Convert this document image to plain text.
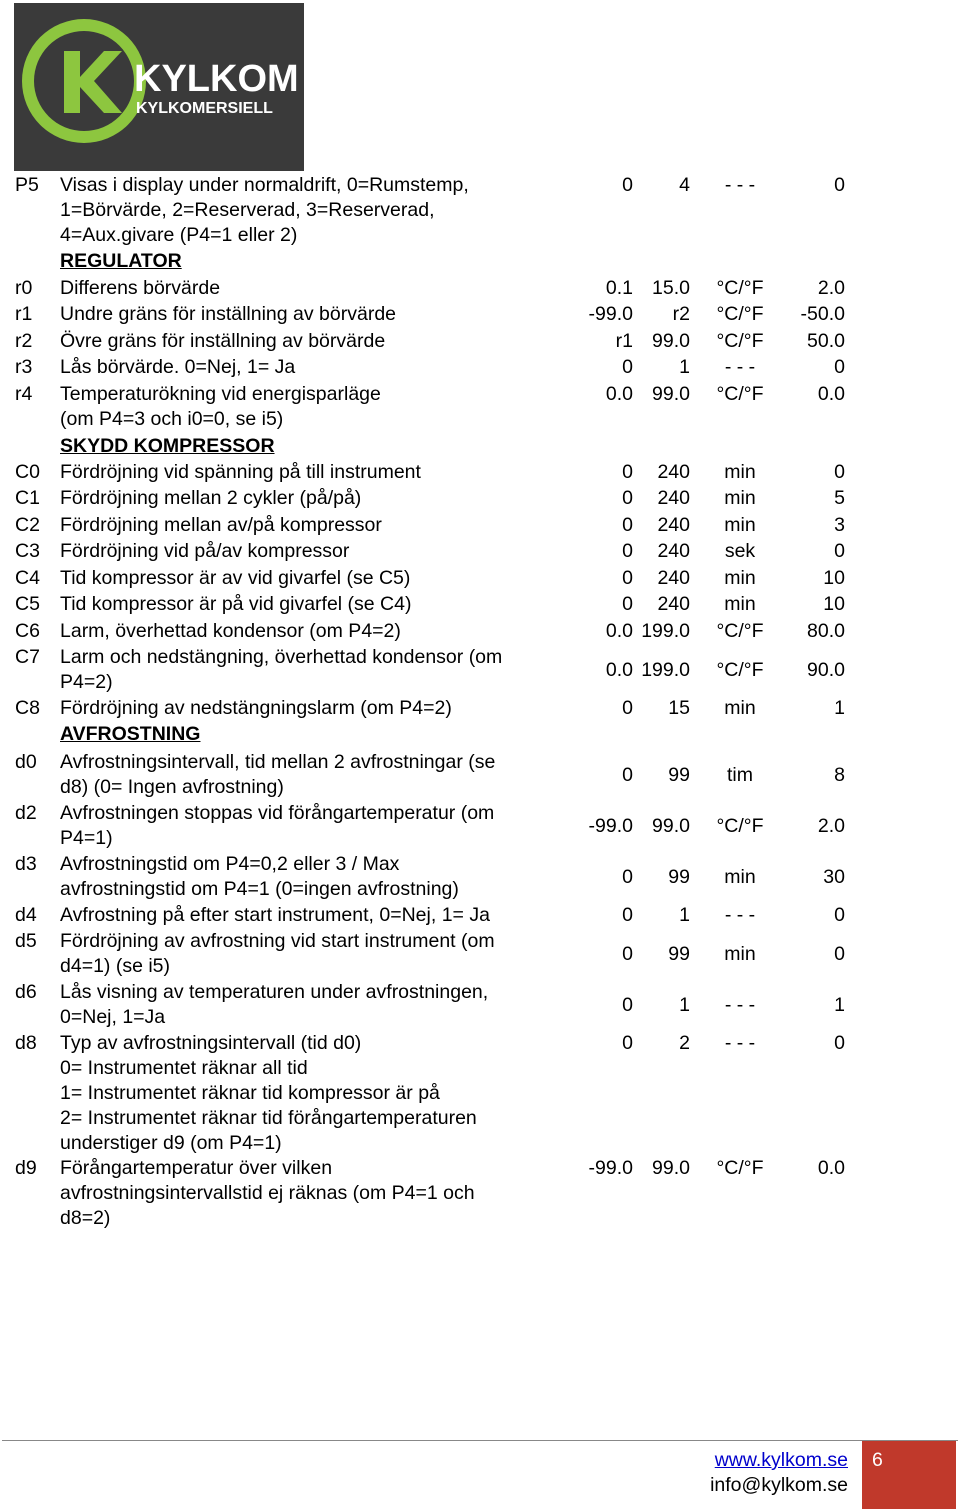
KYLKOM
KYLKOMERSIELL
P5	Visas i display under normaldrift, 0=Rumstemp,
1=Börvärde, 2=Reserverad, 3=Reserverad,
4=Aux.givare (P4=1 eller 2)
0 4	- - -	0
REGULATOR
r0	Differens börvärde	0.1 15.0	°C/°F	2.0
r1	Undre gräns för inställning av börvärde	-99.0 r2	°C/°F	-50.0
r2	Övre gräns för inställning av börvärde	r1 99.0	°C/°F	50.0
r3	Lås börvärde. 0=Nej, 1= Ja	0 1	- - -	0
r4	Temperaturökning vid energisparläge
(om P4=3 och i0=0, se i5)
0.0 99.0	°C/°F	0.0
SKYDD KOMPRESSOR
C0	Fördröjning vid spänning på till instrument	0 240	min	0
C1	Fördröjning mellan 2 cykler (på/på)	0 240	min	5
C2	Fördröjning mellan av/på kompressor	0 240	min	3
C3	Fördröjning vid på/av kompressor	0 240	sek	0
C4	Tid kompressor är av vid givarfel (se C5)	0 240	min	10
C5	Tid kompressor är på vid givarfel (se C4)	0 240	min	10
C6	Larm, överhettad kondensor (om P4=2)	0.0 199.0	°C/°F	80.0
C7	Larm och nedstängning, överhettad kondensor (om
P4=2)
0.0 199.0	°C/°F	90.0
C8	Fördröjning av nedstängningslarm (om P4=2)	0 15	min	1
AVFROSTNING
d0	Avfrostningsintervall, tid mellan 2 avfrostningar (se
d8) (0= Ingen avfrostning)
0 99	tim	8
d2	Avfrostningen stoppas vid förångartemperatur (om
P4=1)
-99.0 99.0	°C/°F	2.0
d3	Avfrostningstid om P4=0,2 eller 3 / Max
avfrostningstid om P4=1 (0=ingen avfrostning)
0 99	min	30
d4	Avfrostning på efter start instrument, 0=Nej, 1= Ja	0 1	- - -	0
d5	Fördröjning av avfrostning vid start instrument (om
d4=1) (se i5)
0 99	min	0
d6	Lås visning av temperaturen under avfrostningen,
0=Nej, 1=Ja
0 1	- - -	1
d8	Typ av avfrostningsintervall (tid d0)
0= Instrumentet räknar all tid
1= Instrumentet räknar tid kompressor är på
2= Instrumentet räknar tid förångartemperaturen
understiger d9 (om P4=1)
0 2	- - -	0
d9	Förångartemperatur över vilken
avfrostningsintervallstid ej räknas (om P4=1 och
d8=2)
-99.0 99.0	°C/°F	0.0
www.kylkom.se
info@kylkom.se
6
